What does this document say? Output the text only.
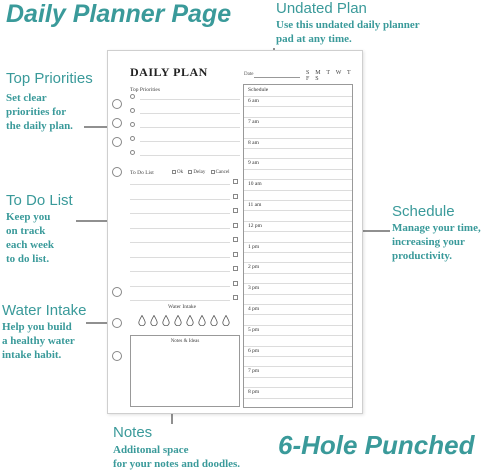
Daily Planner Page	Undated Plan
Use this undated daily planner
pad at any time.
Top Priorities
Set clear
priorities for
the daily plan.
To Do List
Keep you
on track
each week
to do list.
Water Intake
Help you build
a healthy water
intake habit.
Schedule
Manage your time,
increasing your
productivity.
Notes
Additonal space
for your notes and doodles.
6-Hole Punched
DAILY PLAN	Date	S M T W T F S
Top Priorities
To Do List	Ok Delay Cancel
Water Intake
Notes & Ideas
Schedule
6 am
7 am
8 am
9 am
10 am
11 am
12 pm
1 pm
2 pm
3 pm
4 pm
5 pm
6 pm
7 pm
8 pm
